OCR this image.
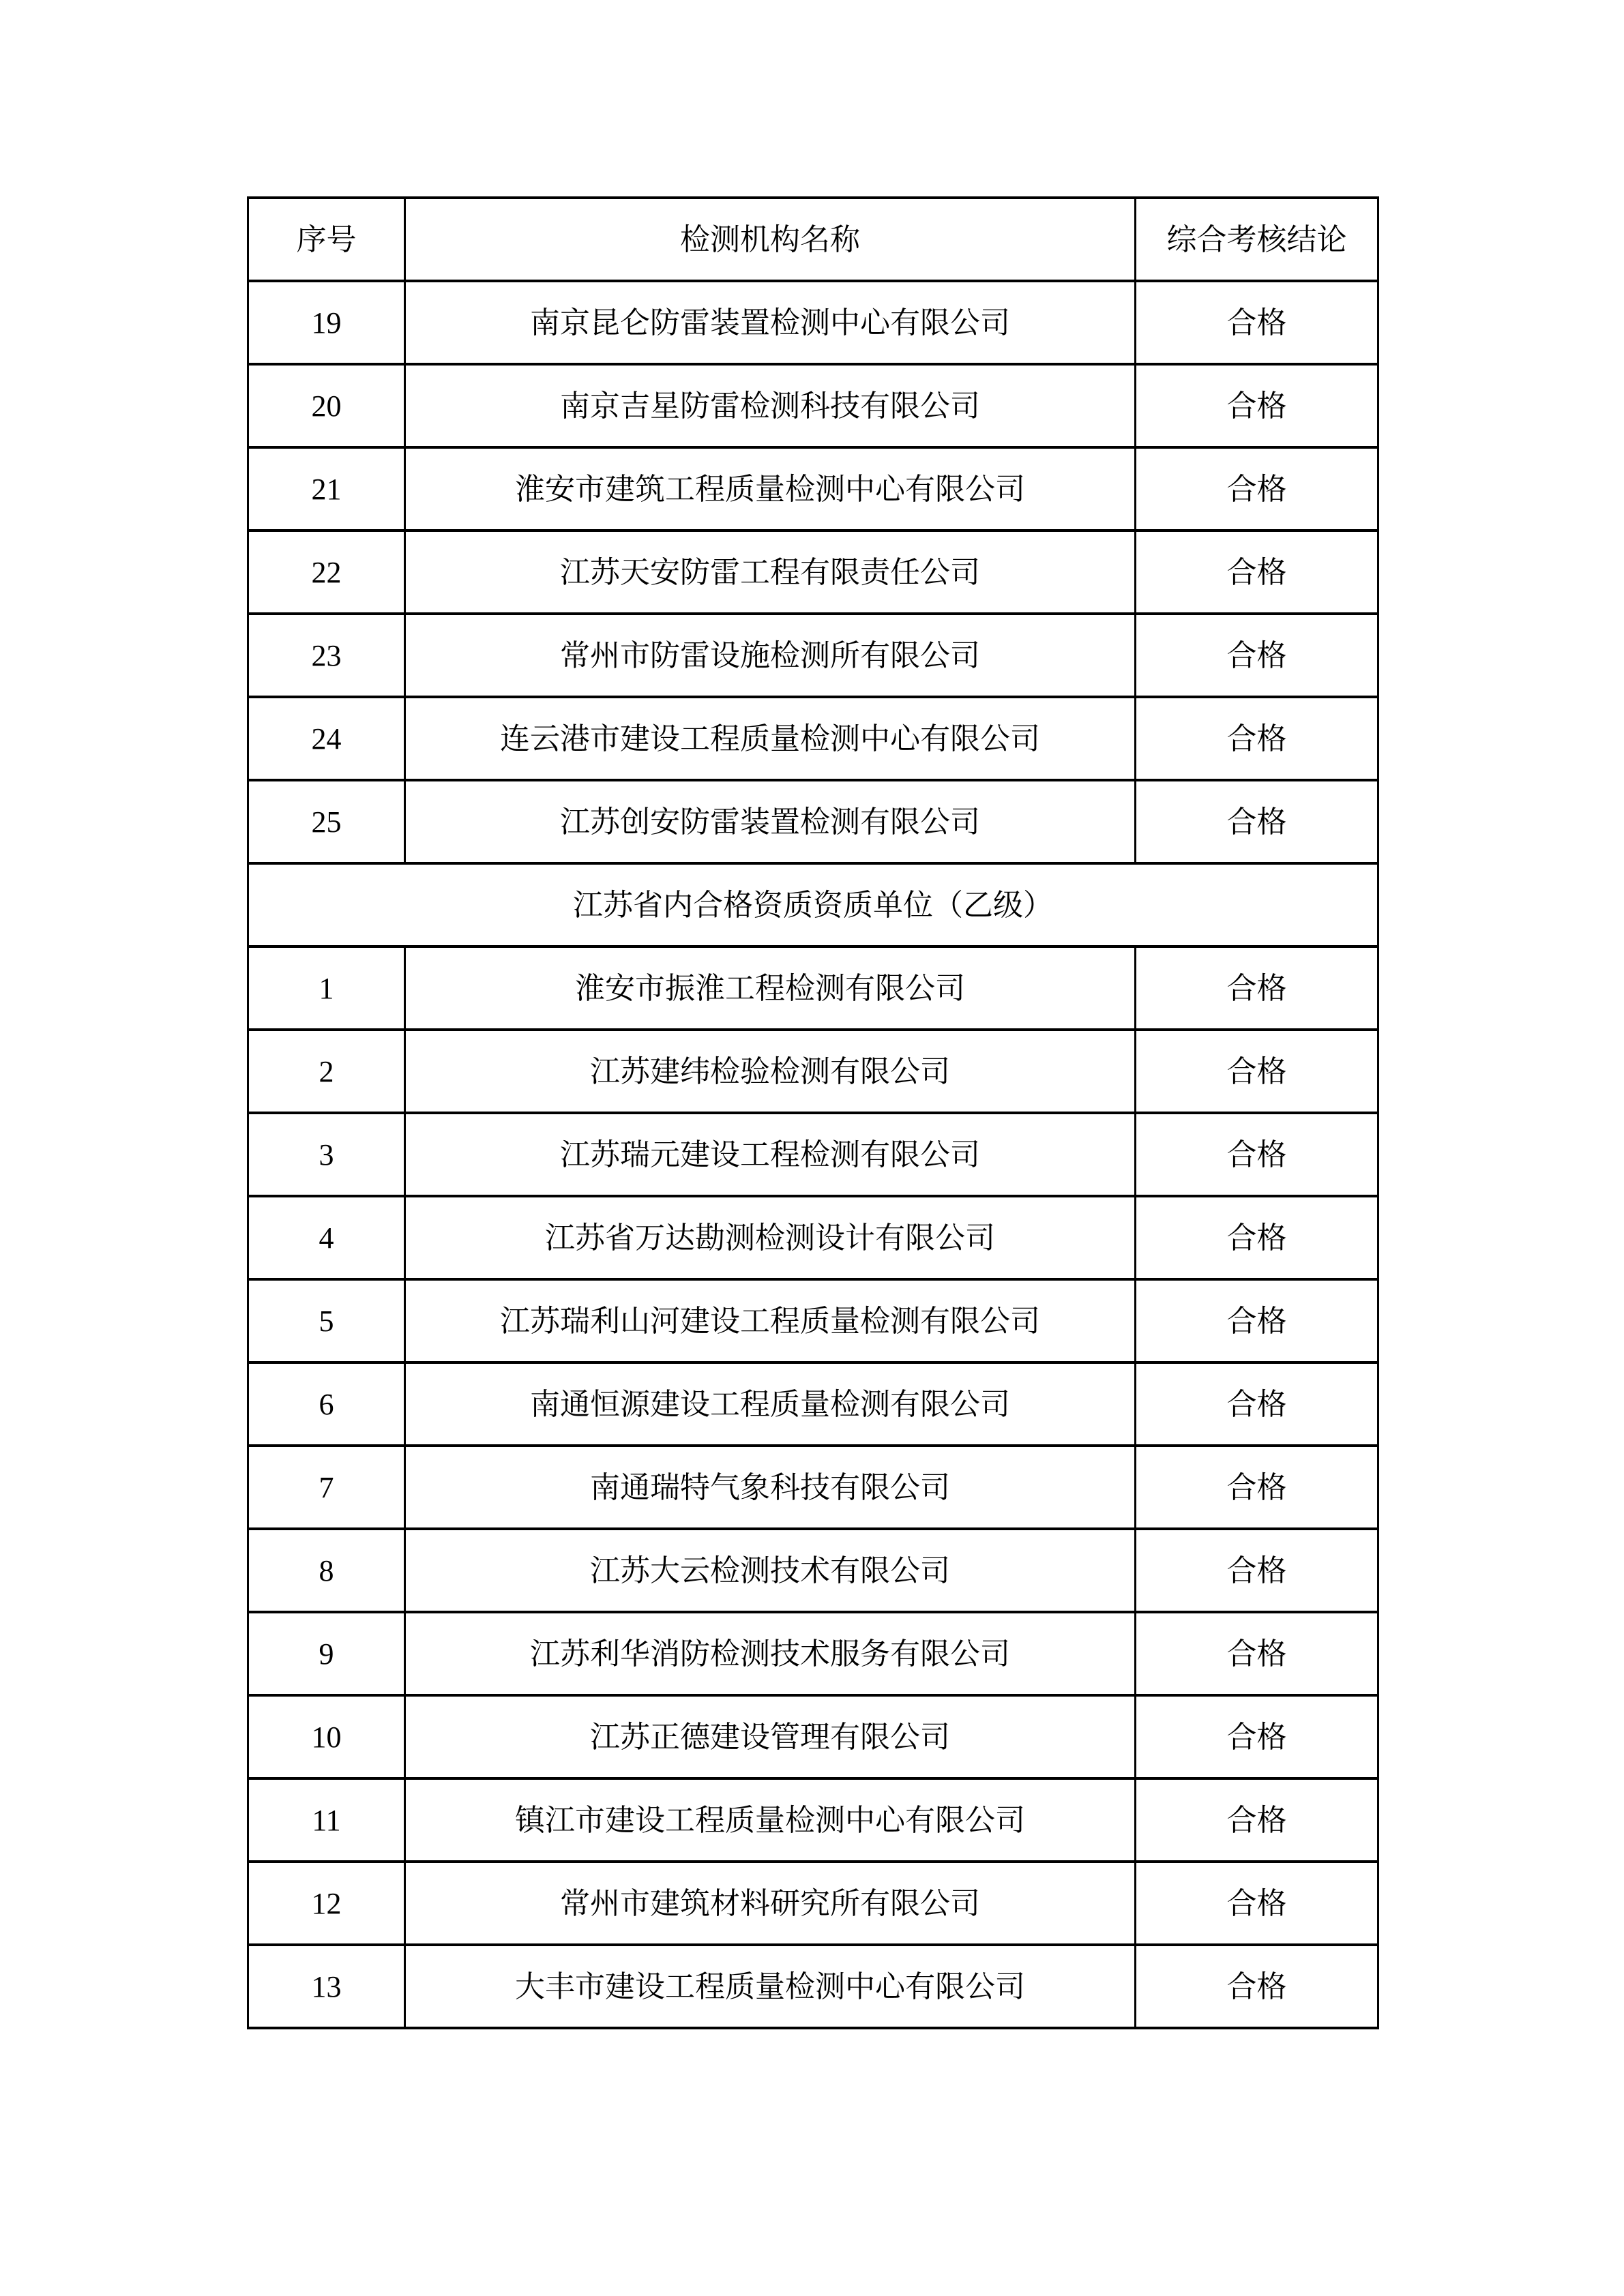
序号	检测机构名称	综合考核结论
19	南京昆仑防雷装置检测中心有限公司	合格
20	南京吉星防雷检测科技有限公司	合格
21	淮安市建筑工程质量检测中心有限公司	合格
22	江苏天安防雷工程有限责任公司	合格
23	常州市防雷设施检测所有限公司	合格
24	连云港市建设工程质量检测中心有限公司	合格
25	江苏创安防雷装置检测有限公司	合格
江苏省内合格资质资质单位（乙级）		
1	淮安市振淮工程检测有限公司	合格
2	江苏建纬检验检测有限公司	合格
3	江苏瑞元建设工程检测有限公司	合格
4	江苏省万达勘测检测设计有限公司	合格
5	江苏瑞利山河建设工程质量检测有限公司	合格
6	南通恒源建设工程质量检测有限公司	合格
7	南通瑞特气象科技有限公司	合格
8	江苏大云检测技术有限公司	合格
9	江苏利华消防检测技术服务有限公司	合格
10	江苏正德建设管理有限公司	合格
11	镇江市建设工程质量检测中心有限公司	合格
12	常州市建筑材料研究所有限公司	合格
13	大丰市建设工程质量检测中心有限公司	合格
